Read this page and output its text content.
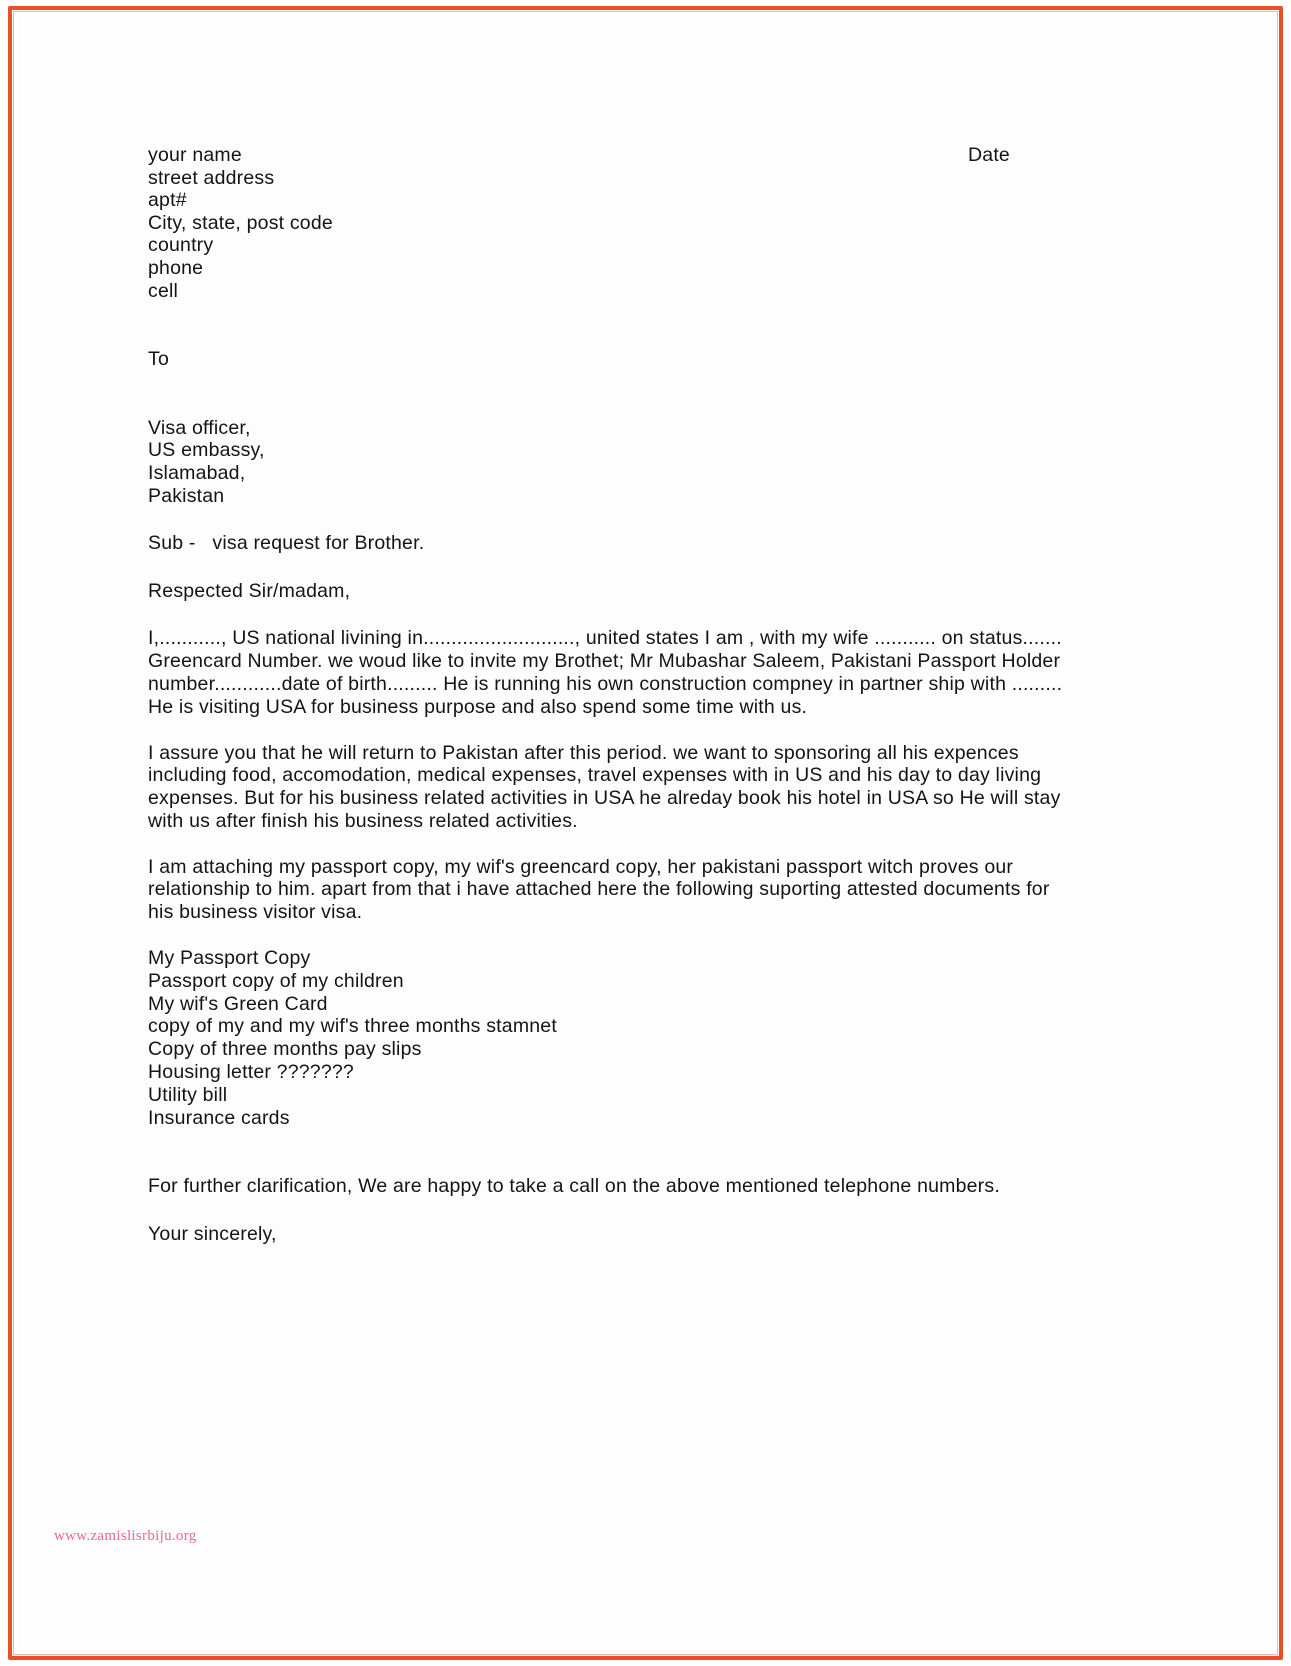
Date
your name
street address
apt#
City, state, post code
country
phone
cell
To
Visa officer,
US embassy,
Islamabad,
Pakistan
Sub -   visa request for Brother.
Respected Sir/madam,

I,..........., US national livining in..........................., united states I am , with my wife ........... on status....... Greencard Number. we woud like to invite my Brothet; Mr Mubashar Saleem, Pakistani Passport Holder number............date of birth......... He is running his own construction compney in partner ship with ......... He is visiting USA for business purpose and also spend some time with us.

I assure you that he will return to Pakistan after this period. we want to sponsoring all his expences including food, accomodation, medical expenses, travel expenses with in US and his day to day living expenses. But for his business related activities in USA he alreday book his hotel in USA so He will stay with us after finish his business related activities.

I am attaching my passport copy, my wif's greencard copy, her pakistani passport witch proves our relationship to him. apart from that i have attached here the following suporting attested documents for his business visitor visa.

My Passport Copy
Passport copy of my children
My wif's Green Card
copy of my and my wif's three months stamnet
Copy of three months pay slips
Housing letter ???????
Utility bill
Insurance cards
For further clarification, We are happy to take a call on the above mentioned telephone numbers.
Your sincerely,
www.zamislisrbiju.org
